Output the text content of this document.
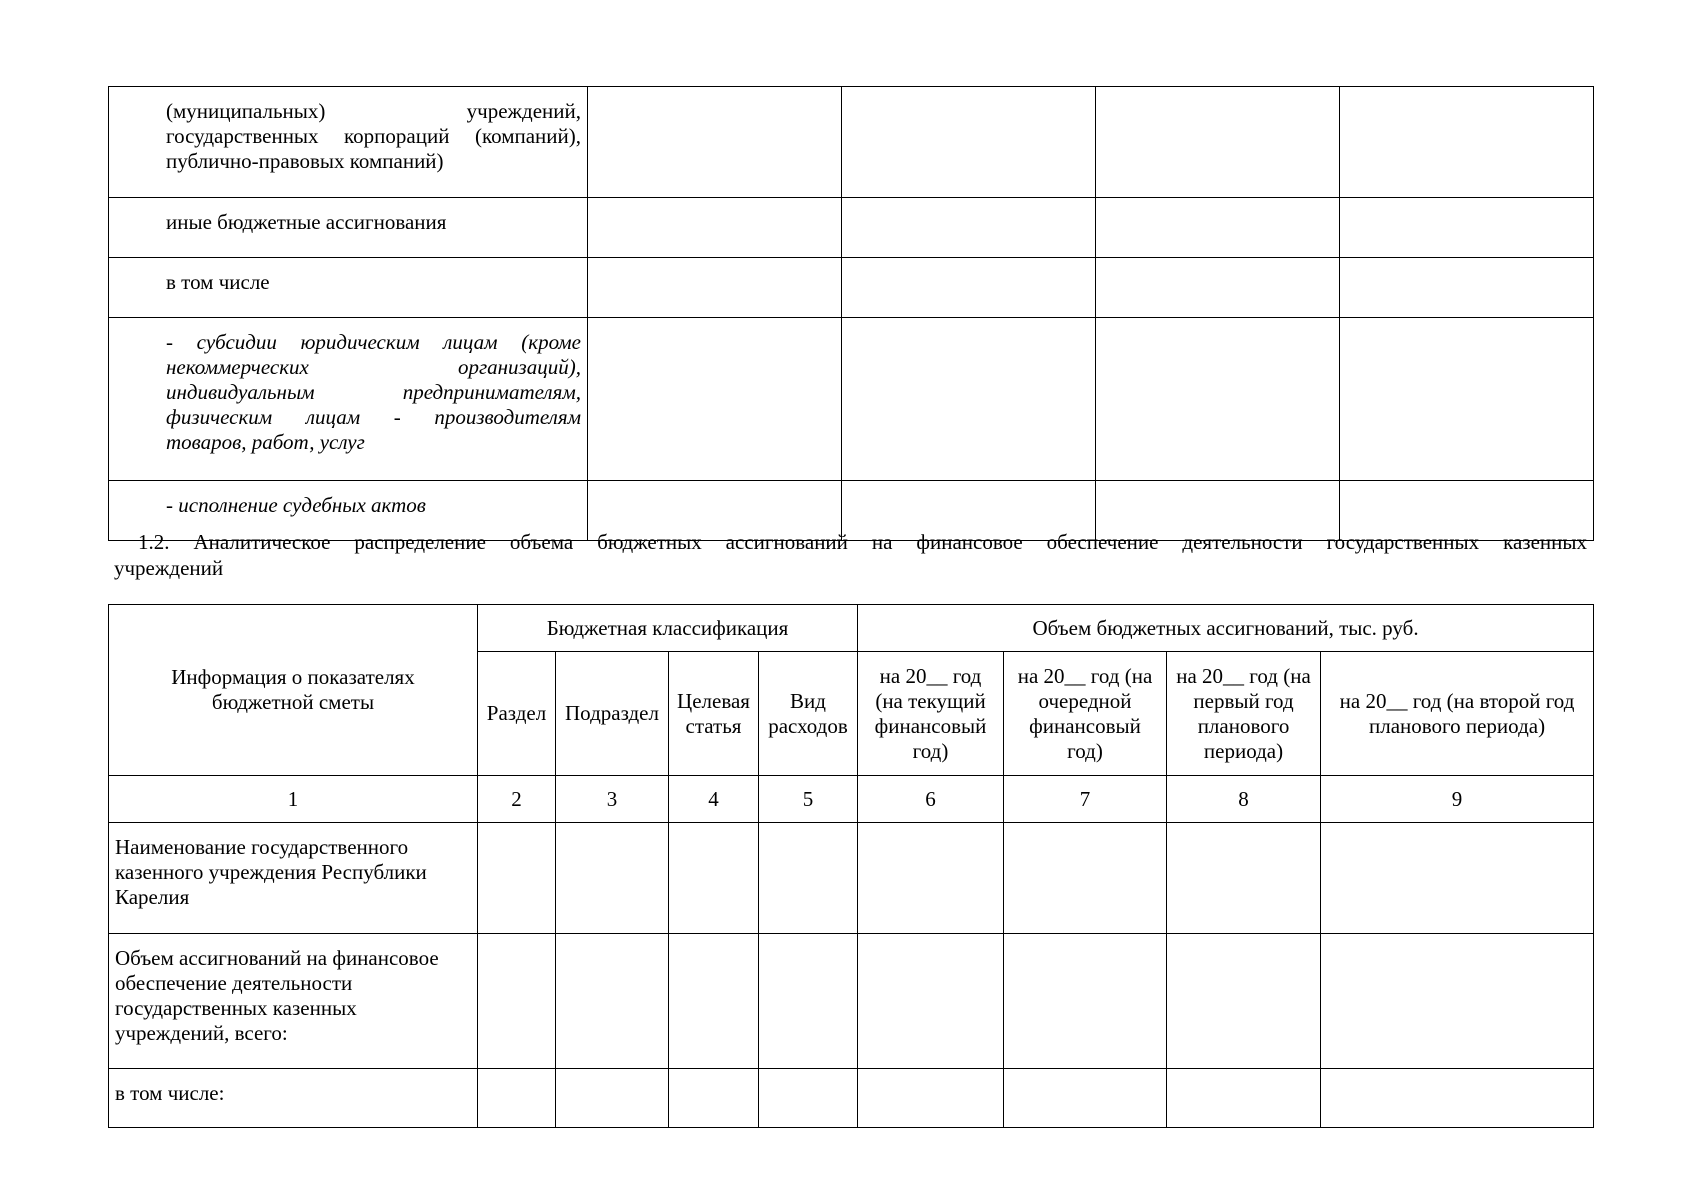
(муниципальных) учреждений,
государственных корпораций (компаний),
публично-правовых компаний)				

иные бюджетные ассигнования				
в том числе				

- субсидии юридическим лицам (кроме
некоммерческих организаций),
индивидуальным предпринимателям,
физическим лицам - производителям
товаров, работ, услуг				

- исполнение судебных актов				
1.2. Аналитическое распределение объема бюджетных ассигнований на финансовое обеспечение деятельности государственных казенных
учреждений
Информация о показателях бюджетной сметы	Бюджетная классификация				Объем бюджетных ассигнований, тыс. руб.			
	Раздел	Подраздел	Целевая статья	Вид расходов	на 20__ год (на текущий финансовый год)	на 20__ год (на очередной финансовый год)	на 20__ год (на первый год планового периода)	на 20__ год (на второй год планового периода)
1	2	3	4	5	6	7	8	9
Наименование государственного казенного учреждения Республики Карелия								
Объем ассигнований на финансовое обеспечение деятельности государственных казенных учреждений, всего:								
в том числе:								
